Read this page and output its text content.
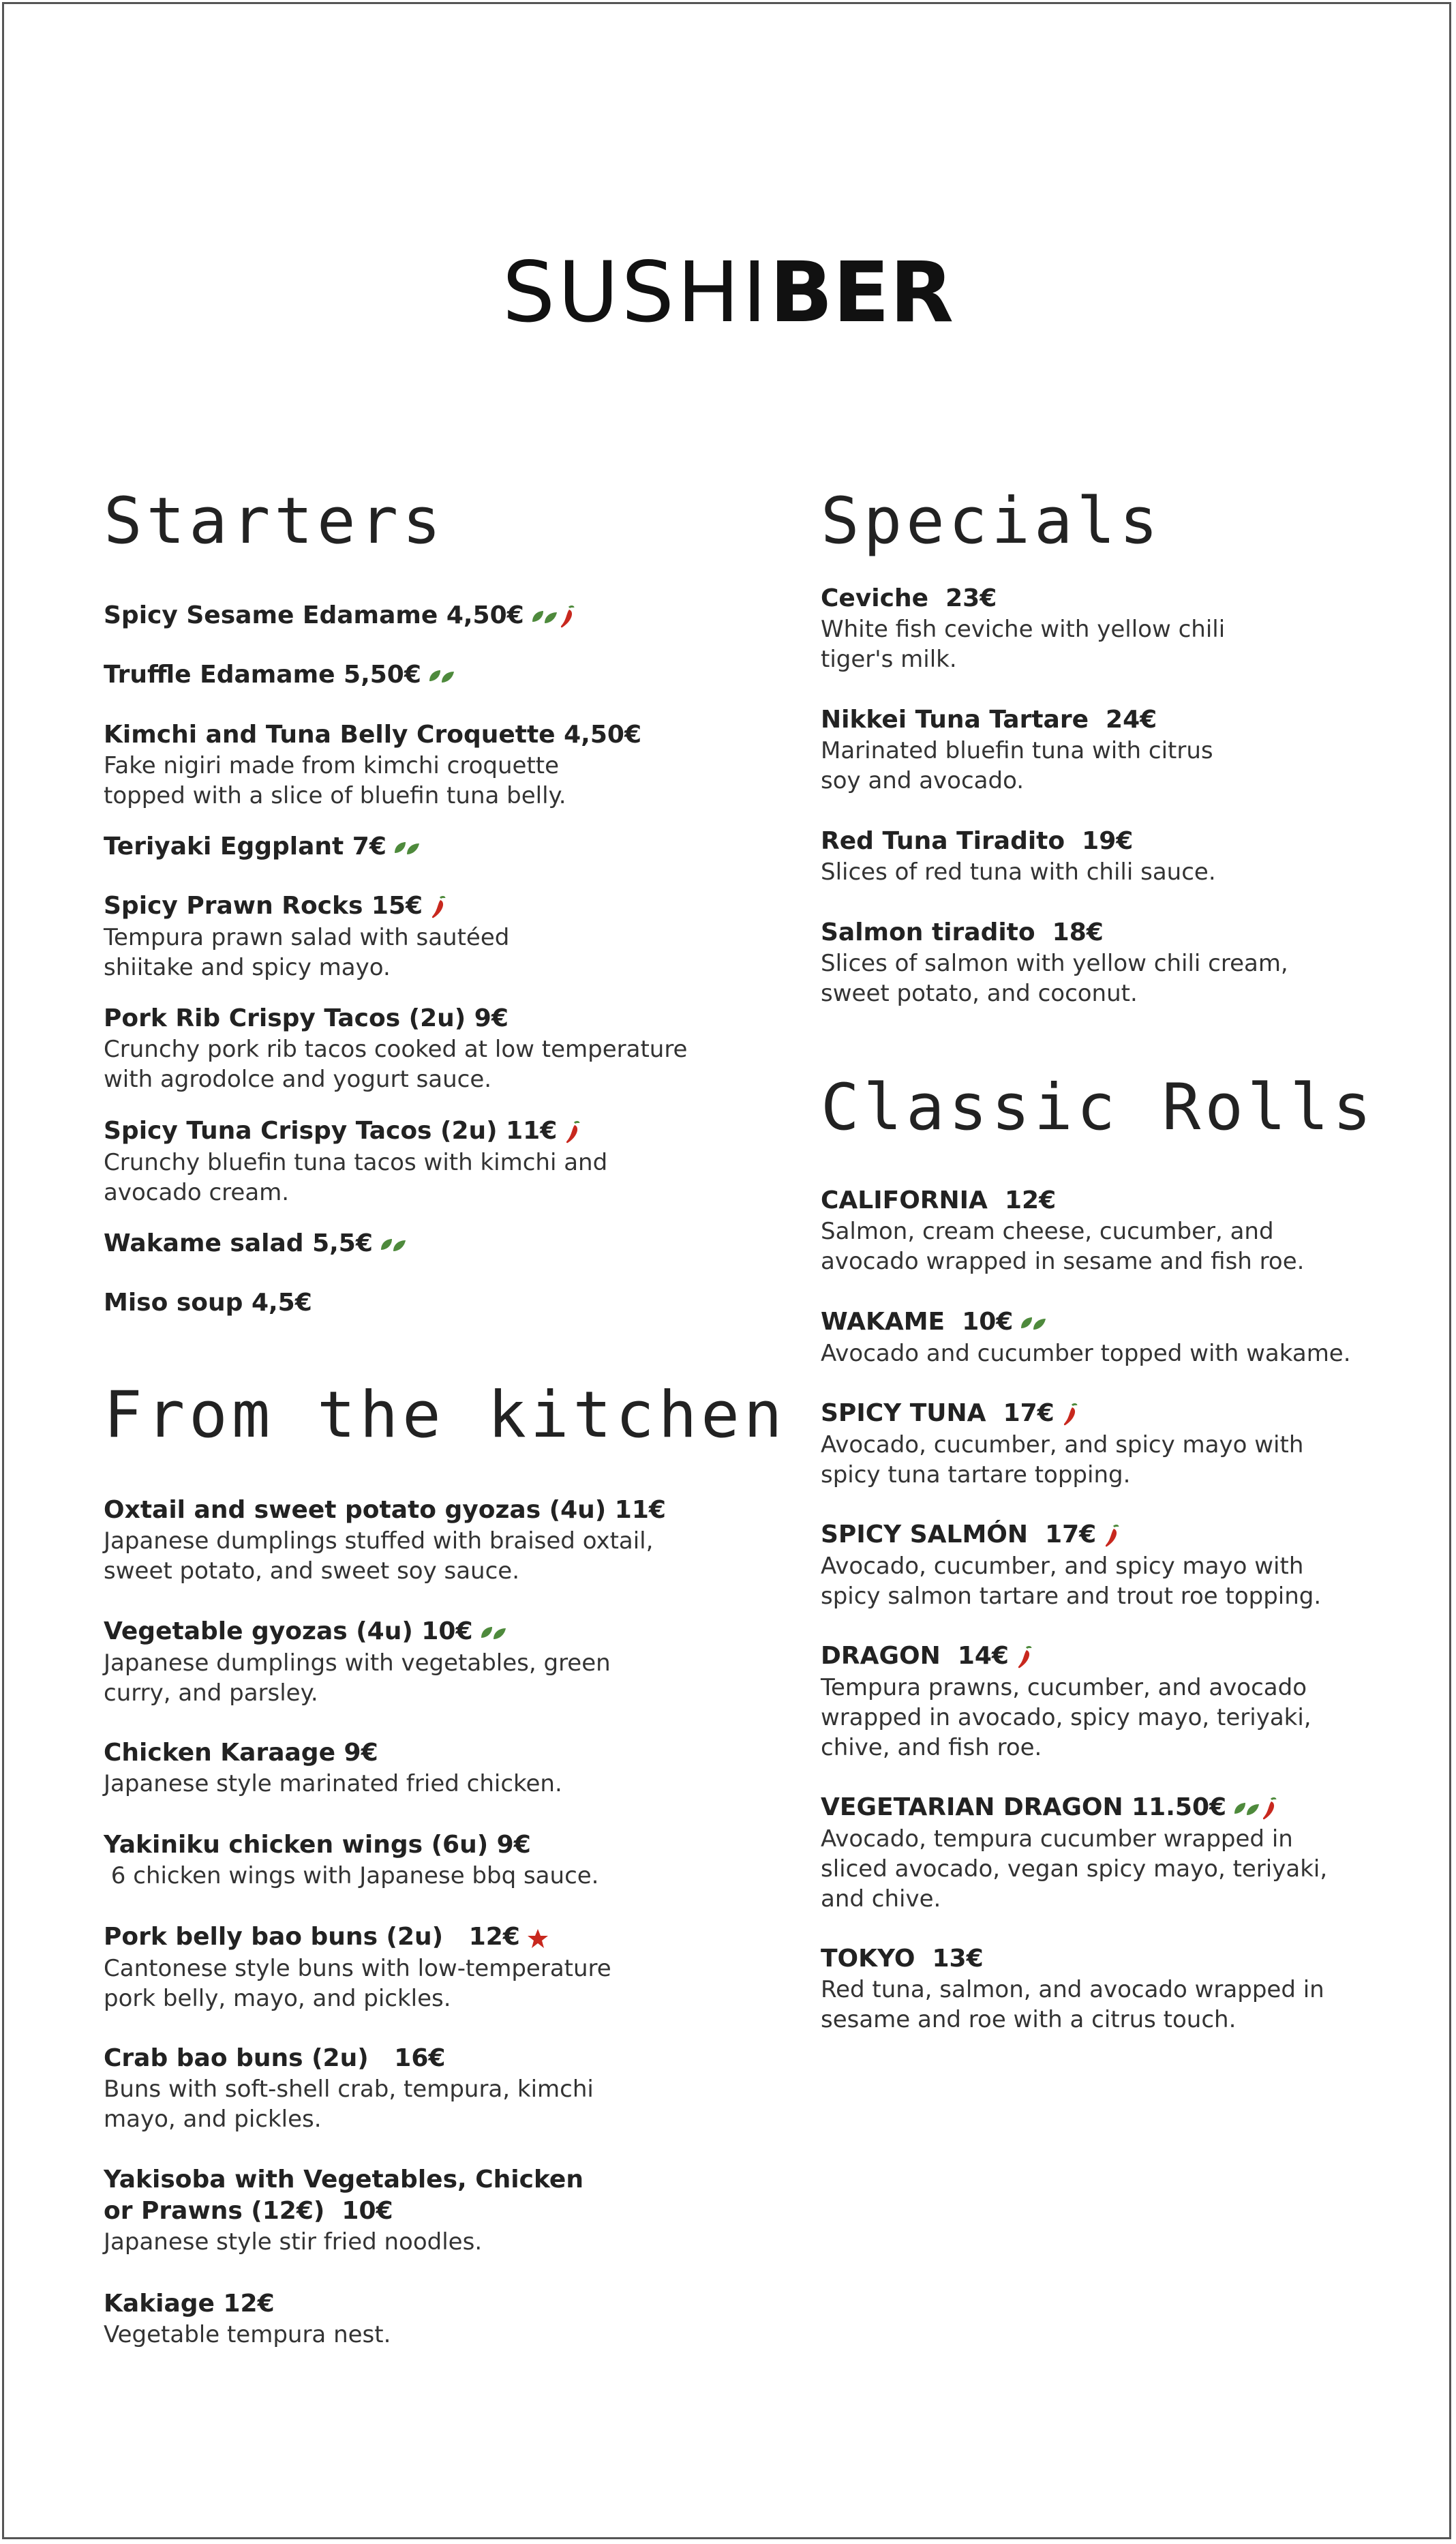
SUSHIBER
Starters
Spicy Sesame Edamame 4,50€
Truffle Edamame 5,50€
Kimchi and Tuna Belly Croquette 4,50€
Fake nigiri made from kimchi croquette topped with a slice of bluefin tuna belly.
Teriyaki Eggplant 7€
Spicy Prawn Rocks 15€
Tempura prawn salad with sautéed shiitake and spicy mayo.
Pork Rib Crispy Tacos (2u) 9€
Crunchy pork rib tacos cooked at low temperature with agrodolce and yogurt sauce.
Spicy Tuna Crispy Tacos (2u) 11€
Crunchy bluefin tuna tacos with kimchi and avocado cream.
Wakame salad 5,5€
Miso soup 4,5€
From the kitchen
Oxtail and sweet potato gyozas (4u) 11€
Japanese dumplings stuffed with braised oxtail, sweet potato, and sweet soy sauce.
Vegetable gyozas (4u) 10€
Japanese dumplings with vegetables, green curry, and parsley.
Chicken Karaage 9€
Japanese style marinated fried chicken.
Yakiniku chicken wings (6u) 9€
6 chicken wings with Japanese bbq sauce.
Pork belly bao buns (2u)   12€
Cantonese style buns with low-temperature pork belly, mayo, and pickles.
Crab bao buns (2u)   16€
Buns with soft-shell crab, tempura, kimchi mayo, and pickles.
Yakisoba with Vegetables, Chicken
or Prawns (12€)  10€
Japanese style stir fried noodles.
Kakiage 12€
Vegetable tempura nest.
Specials
Ceviche  23€
White fish ceviche with yellow chili tiger's milk.
Nikkei Tuna Tartare  24€
Marinated bluefin tuna with citrus soy and avocado.
Red Tuna Tiradito  19€
Slices of red tuna with chili sauce.
Salmon tiradito  18€
Slices of salmon with yellow chili cream, sweet potato, and coconut.
Classic Rolls
CALIFORNIA  12€
Salmon, cream cheese, cucumber, and avocado wrapped in sesame and fish roe.
WAKAME  10€
Avocado and cucumber topped with wakame.
SPICY TUNA  17€
Avocado, cucumber, and spicy mayo with spicy tuna tartare topping.
SPICY SALMÓN  17€
Avocado, cucumber, and spicy mayo with spicy salmon tartare and trout roe topping.
DRAGON  14€
Tempura prawns, cucumber, and avocado wrapped in avocado, spicy mayo, teriyaki, chive, and fish roe.
VEGETARIAN DRAGON 11.50€
Avocado, tempura cucumber wrapped in sliced avocado, vegan spicy mayo, teriyaki, and chive.
TOKYO  13€
Red tuna, salmon, and avocado wrapped in sesame and roe with a citrus touch.
